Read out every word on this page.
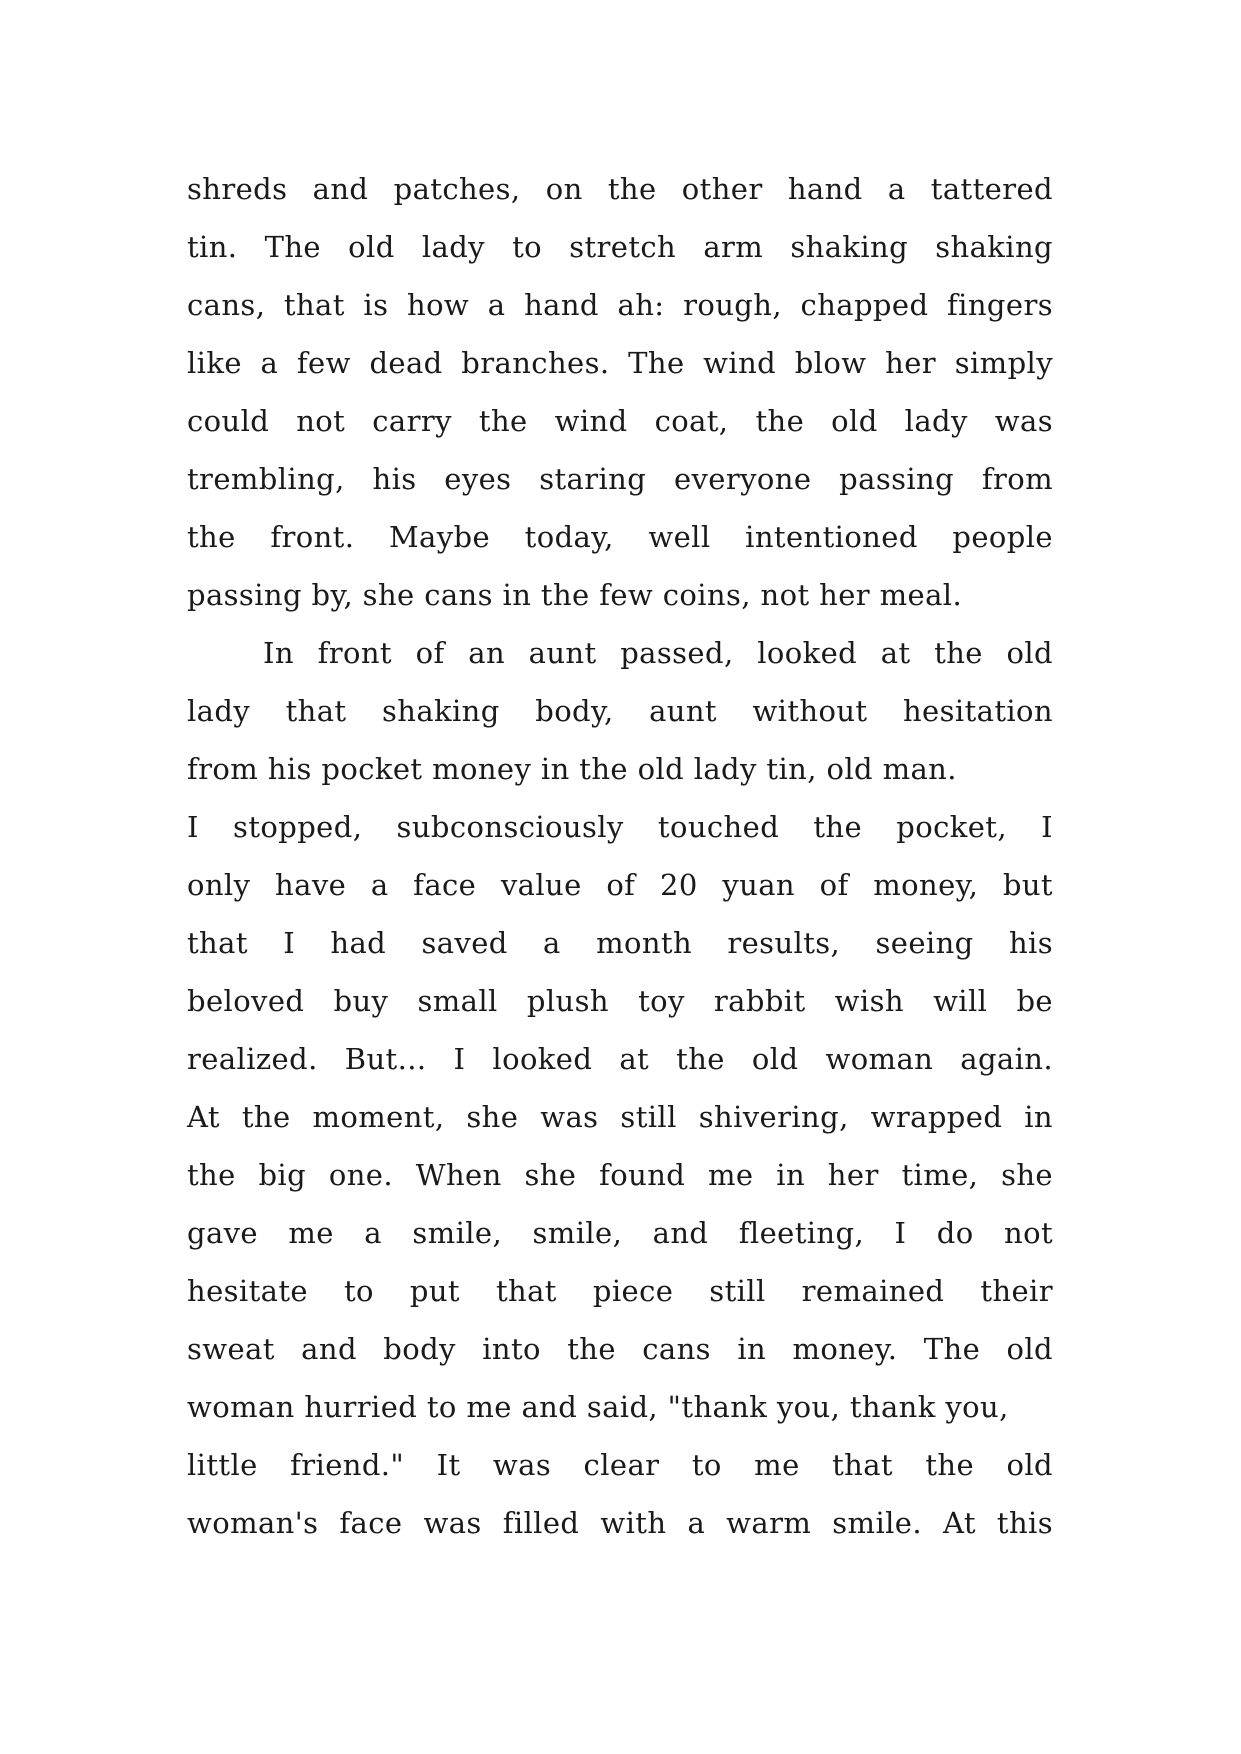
shreds and patches, on the other hand a tattered
tin. The old lady to stretch arm shaking shaking
cans, that is how a hand ah: rough, chapped fingers
like a few dead branches. The wind blow her simply
could not carry the wind coat, the old lady was
trembling, his eyes staring everyone passing from
the front. Maybe today, well intentioned people
passing by, she cans in the few coins, not her meal.
In front of an aunt passed, looked at the old
lady that shaking body, aunt without hesitation
from his pocket money in the old lady tin, old man.
I stopped, subconsciously touched the pocket, I
only have a face value of 20 yuan of money, but
that I had saved a month results, seeing his
beloved buy small plush toy rabbit wish will be
realized. But... I looked at the old woman again.
At the moment, she was still shivering, wrapped in
the big one. When she found me in her time, she
gave me a smile, smile, and fleeting, I do not
hesitate to put that piece still remained their
sweat and body into the cans in money. The old
woman hurried to me and said, "thank you, thank you,
little friend." It was clear to me that the old
woman's face was filled with a warm smile. At this
